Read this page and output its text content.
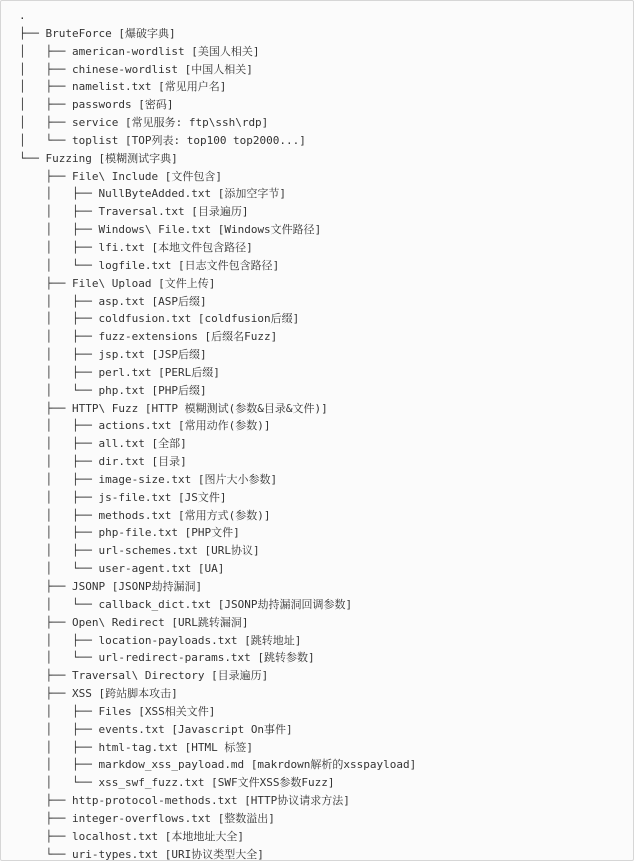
.
├── BruteForce [爆破字典]
│   ├── american-wordlist [美国人相关]
│   ├── chinese-wordlist [中国人相关]
│   ├── namelist.txt [常见用户名]
│   ├── passwords [密码]
│   ├── service [常见服务: ftp\ssh\rdp]
│   └── toplist [TOP列表: top100 top2000...]
└── Fuzzing [模糊测试字典]
├── File\ Include [文件包含]
│   ├── NullByteAdded.txt [添加空字节]
│   ├── Traversal.txt [目录遍历]
│   ├── Windows\ File.txt [Windows文件路径]
│   ├── lfi.txt [本地文件包含路径]
│   └── logfile.txt [日志文件包含路径]
├── File\ Upload [文件上传]
│   ├── asp.txt [ASP后缀]
│   ├── coldfusion.txt [coldfusion后缀]
│   ├── fuzz-extensions [后缀名Fuzz]
│   ├── jsp.txt [JSP后缀]
│   ├── perl.txt [PERL后缀]
│   └── php.txt [PHP后缀]
├── HTTP\ Fuzz [HTTP 模糊测试(参数&目录&文件)]
│   ├── actions.txt [常用动作(参数)]
│   ├── all.txt [全部]
│   ├── dir.txt [目录]
│   ├── image-size.txt [图片大小参数]
│   ├── js-file.txt [JS文件]
│   ├── methods.txt [常用方式(参数)]
│   ├── php-file.txt [PHP文件]
│   ├── url-schemes.txt [URL协议]
│   └── user-agent.txt [UA]
├── JSONP [JSONP劫持漏洞]
│   └── callback_dict.txt [JSONP劫持漏洞回调参数]
├── Open\ Redirect [URL跳转漏洞]
│   ├── location-payloads.txt [跳转地址]
│   └── url-redirect-params.txt [跳转参数]
├── Traversal\ Directory [目录遍历]
├── XSS [跨站脚本攻击]
│   ├── Files [XSS相关文件]
│   ├── events.txt [Javascript On事件]
│   ├── html-tag.txt [HTML 标签]
│   ├── markdow_xss_payload.md [makrdown解析的xsspayload]
│   └── xss_swf_fuzz.txt [SWF文件XSS参数Fuzz]
├── http-protocol-methods.txt [HTTP协议请求方法]
├── integer-overflows.txt [整数溢出]
├── localhost.txt [本地地址大全]
└── uri-types.txt [URI协议类型大全]
